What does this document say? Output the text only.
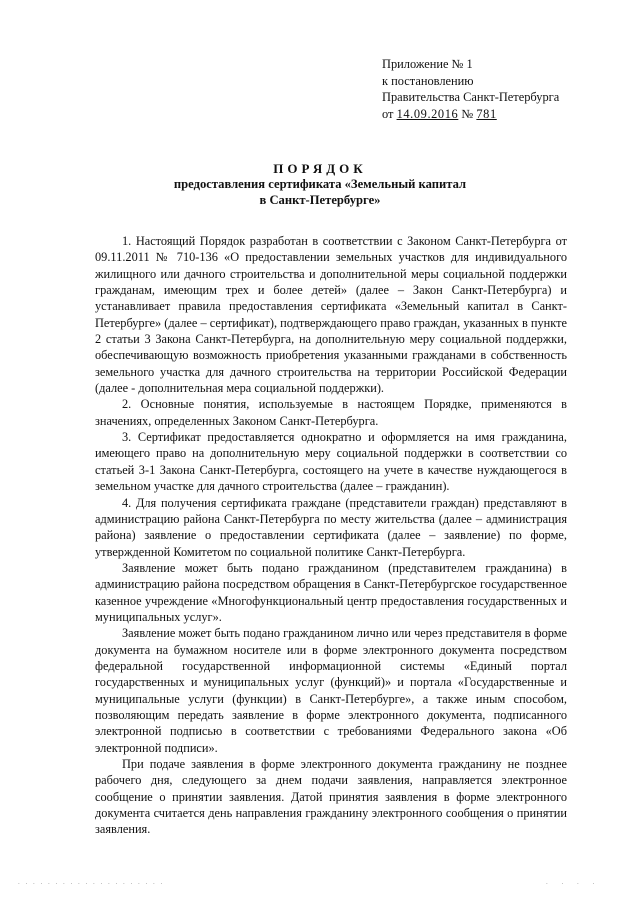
Приложение № 1
к постановлению
Правительства Санкт-Петербурга
от 14.09.2016 № 781
ПОРЯДОК
предоставления сертификата «Земельный капитал
в Санкт-Петербурге»

1. Настоящий Порядок разработан в соответствии с Законом Санкт-Петербурга от 09.11.2011 № 710-136 «О предоставлении земельных участков для индивидуального жилищного или дачного строительства и дополнительной меры социальной поддержки гражданам, имеющим трех и более детей» (далее – Закон Санкт-Петербурга) и устанавливает правила предоставления сертификата «Земельный капитал в Санкт-Петербурге» (далее – сертификат), подтверждающего право граждан, указанных в пункте 2 статьи 3 Закона Санкт-Петербурга, на дополнительную меру социальной поддержки, обеспечивающую возможность приобретения указанными гражданами в собственность земельного участка для дачного строительства на территории Российской Федерации (далее - дополнительная мера социальной поддержки).

2. Основные понятия, используемые в настоящем Порядке, применяются в значениях, определенных Законом Санкт-Петербурга.

3. Сертификат предоставляется однократно и оформляется на имя гражданина, имеющего право на дополнительную меру социальной поддержки в соответствии со статьей 3-1 Закона Санкт-Петербурга, состоящего на учете в качестве нуждающегося в земельном участке для дачного строительства (далее – гражданин).

4. Для получения сертификата граждане (представители граждан) представляют в администрацию района Санкт-Петербурга по месту жительства (далее – администрация района) заявление о предоставлении сертификата (далее – заявление) по форме, утвержденной Комитетом по социальной политике Санкт-Петербурга.

Заявление может быть подано гражданином (представителем гражданина) в администрацию района посредством обращения в Санкт-Петербургское государственное казенное учреждение «Многофункциональный центр предоставления государственных и муниципальных услуг».

Заявление может быть подано гражданином лично или через представителя в форме документа на бумажном носителе или в форме электронного документа посредством федеральной государственной информационной системы «Единый портал государственных и муниципальных услуг (функций)» и портала «Государственные и муниципальные услуги (функции) в Санкт-Петербурге», а также иным способом, позволяющим передать заявление в форме электронного документа, подписанного электронной подписью в соответствии с требованиями Федерального закона «Об электронной подписи».

При подаче заявления в форме электронного документа гражданину не позднее рабочего дня, следующего за днем подачи заявления, направляется электронное сообщение о принятии заявления. Датой принятия заявления в форме электронного документа считается день направления гражданину электронного сообщения о принятии заявления.

. . . . . . . . . . . . . . . . . . . .	. . . .
